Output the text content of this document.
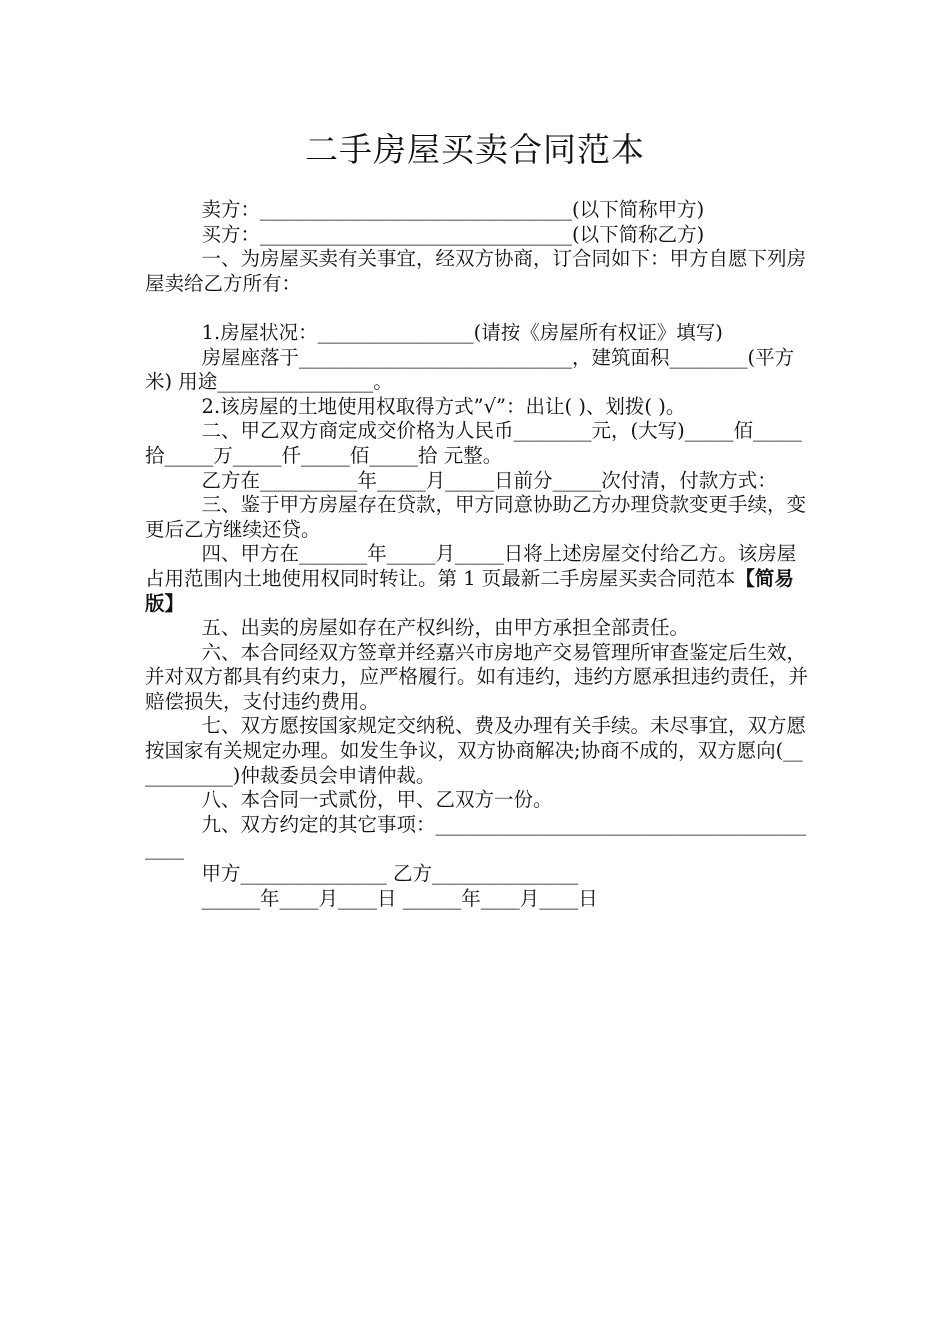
二手房屋买卖合同范本
卖方：________________________________(以下简称甲方)
买方：________________________________(以下简称乙方)
一、为房屋买卖有关事宜，经双方协商，订合同如下：甲方自愿下列房屋卖给乙方所有：
1.房屋状况：________________(请按《房屋所有权证》填写)
房屋座落于____________________________，建筑面积________(平方米) 用途________________。
2.该房屋的土地使用权取得方式”√”：出让( )、划拨( )。
二、甲乙双方商定成交价格为人民币________元，(大写)_____佰_____拾_____万_____仟_____佰_____拾 元整。
乙方在__________年_____月_____日前分_____次付清，付款方式：
三、鉴于甲方房屋存在贷款，甲方同意协助乙方办理贷款变更手续，变更后乙方继续还贷。
四、甲方在_______年_____月_____日将上述房屋交付给乙方。该房屋占用范围内土地使用权同时转让。第 1 页最新二手房屋买卖合同范本【简易版】
五、出卖的房屋如存在产权纠纷，由甲方承担全部责任。
六、本合同经双方签章并经嘉兴市房地产交易管理所审查鉴定后生效，并对双方都具有约束力，应严格履行。如有违约，违约方愿承担违约责任，并赔偿损失，支付违约费用。
七、双方愿按国家规定交纳税、费及办理有关手续。未尽事宜，双方愿按国家有关规定办理。如发生争议，双方协商解决;协商不成的，双方愿向(___________)仲裁委员会申请仲裁。
八、本合同一式贰份，甲、乙双方一份。
九、双方约定的其它事项：__________________________________________
甲方_______________ 乙方_______________
______年____月____日 ______年____月____日
